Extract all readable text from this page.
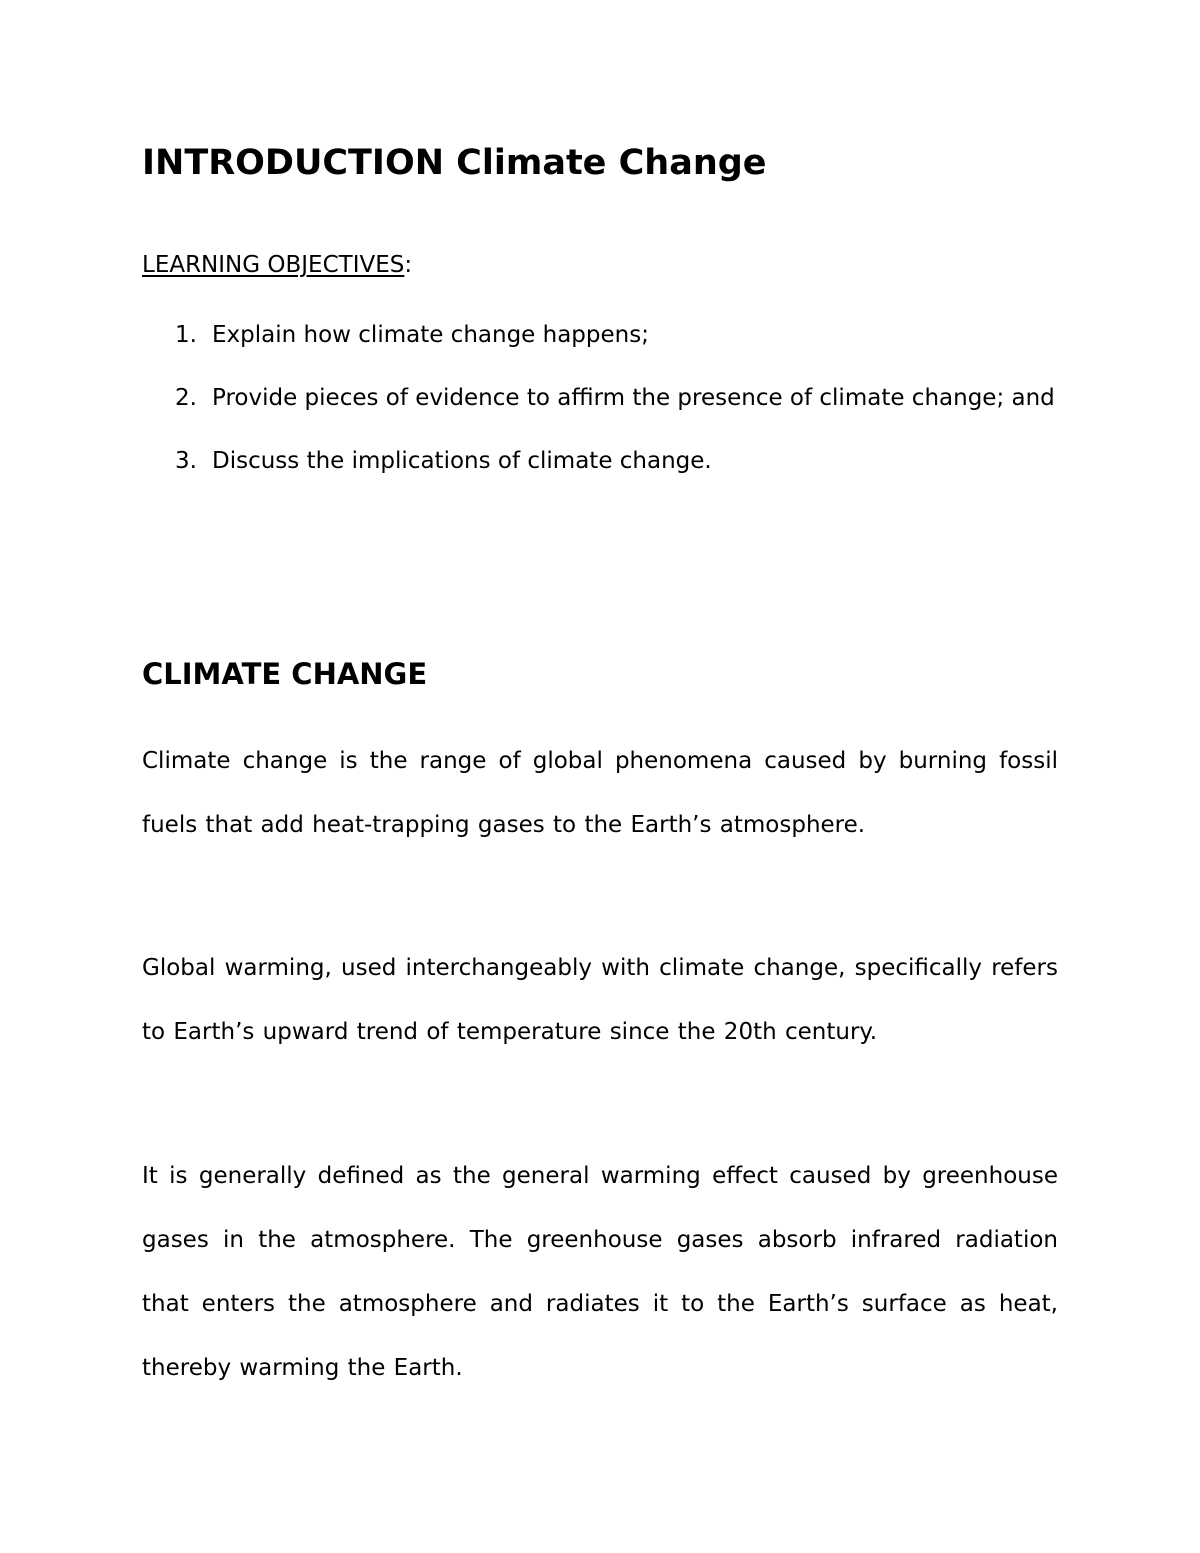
INTRODUCTION Climate Change

LEARNING OBJECTIVES:

1. Explain how climate change happens;
2. Provide pieces of evidence to affirm the presence of climate change; and
3. Discuss the implications of climate change.
CLIMATE CHANGE

Climate change is the range of global phenomena caused by burning fossil fuels that add heat-trapping gases to the Earth’s atmosphere.

Global warming, used interchangeably with climate change, specifically refers to Earth’s upward trend of temperature since the 20th century.

It is generally defined as the general warming effect caused by greenhouse gases in the atmosphere. The greenhouse gases absorb infrared radiation that enters the atmosphere and radiates it to the Earth’s surface as heat, thereby warming the Earth.
